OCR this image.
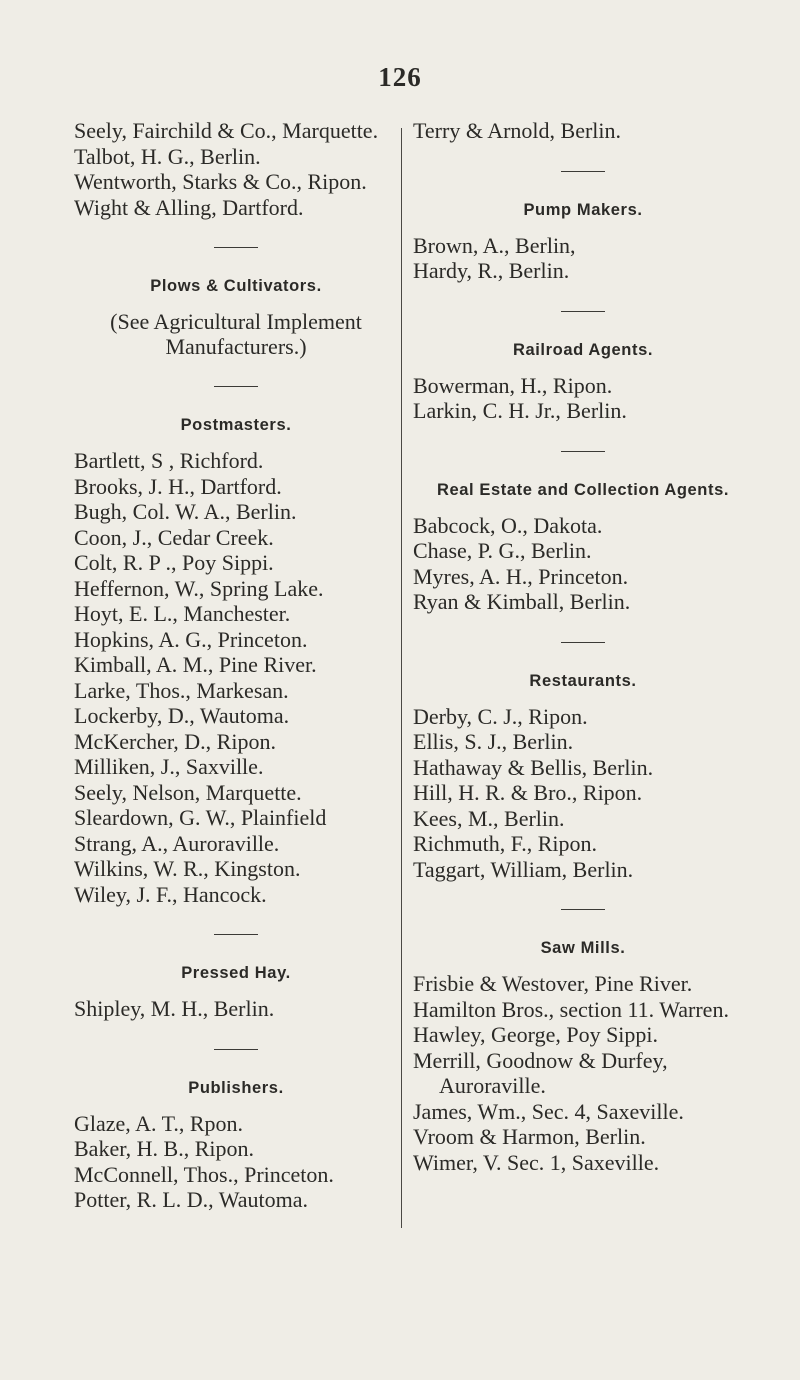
126
Seely, Fairchild & Co., Marquette.
Talbot, H. G., Berlin.
Wentworth, Starks & Co., Ripon.
Wight & Alling, Dartford.
Plows & Cultivators.
(See Agricultural Implement Manufacturers.)
Postmasters.
Bartlett, S , Richford.
Brooks, J. H., Dartford.
Bugh, Col. W. A., Berlin.
Coon, J., Cedar Creek.
Colt, R. P ., Poy Sippi.
Heffernon, W., Spring Lake.
Hoyt, E. L., Manchester.
Hopkins, A. G., Princeton.
Kimball, A. M., Pine River.
Larke, Thos., Markesan.
Lockerby, D., Wautoma.
McKercher, D., Ripon.
Milliken, J., Saxville.
Seely, Nelson, Marquette.
Sleardown, G. W., Plainfield
Strang, A., Auroraville.
Wilkins, W. R., Kingston.
Wiley, J. F., Hancock.
Pressed Hay.
Shipley, M. H., Berlin.
Publishers.
Glaze, A. T., Rpon.
Baker, H. B., Ripon.
McConnell, Thos., Princeton.
Potter, R. L. D., Wautoma.
Terry & Arnold, Berlin.
Pump Makers.
Brown, A., Berlin,
Hardy, R., Berlin.
Railroad Agents.
Bowerman, H., Ripon.
Larkin, C. H. Jr., Berlin.
Real Estate and Collection Agents.
Babcock, O., Dakota.
Chase, P. G., Berlin.
Myres, A. H., Princeton.
Ryan & Kimball, Berlin.
Restaurants.
Derby, C. J., Ripon.
Ellis, S. J., Berlin.
Hathaway & Bellis, Berlin.
Hill, H. R. & Bro., Ripon.
Kees, M., Berlin.
Richmuth, F., Ripon.
Taggart, William, Berlin.
Saw Mills.
Frisbie & Westover, Pine River.
Hamilton Bros., section 11. Warren.
Hawley, George, Poy Sippi.
Merrill, Goodnow & Durfey, Auroraville.
James, Wm., Sec. 4, Saxeville.
Vroom & Harmon, Berlin.
Wimer, V. Sec. 1, Saxeville.
